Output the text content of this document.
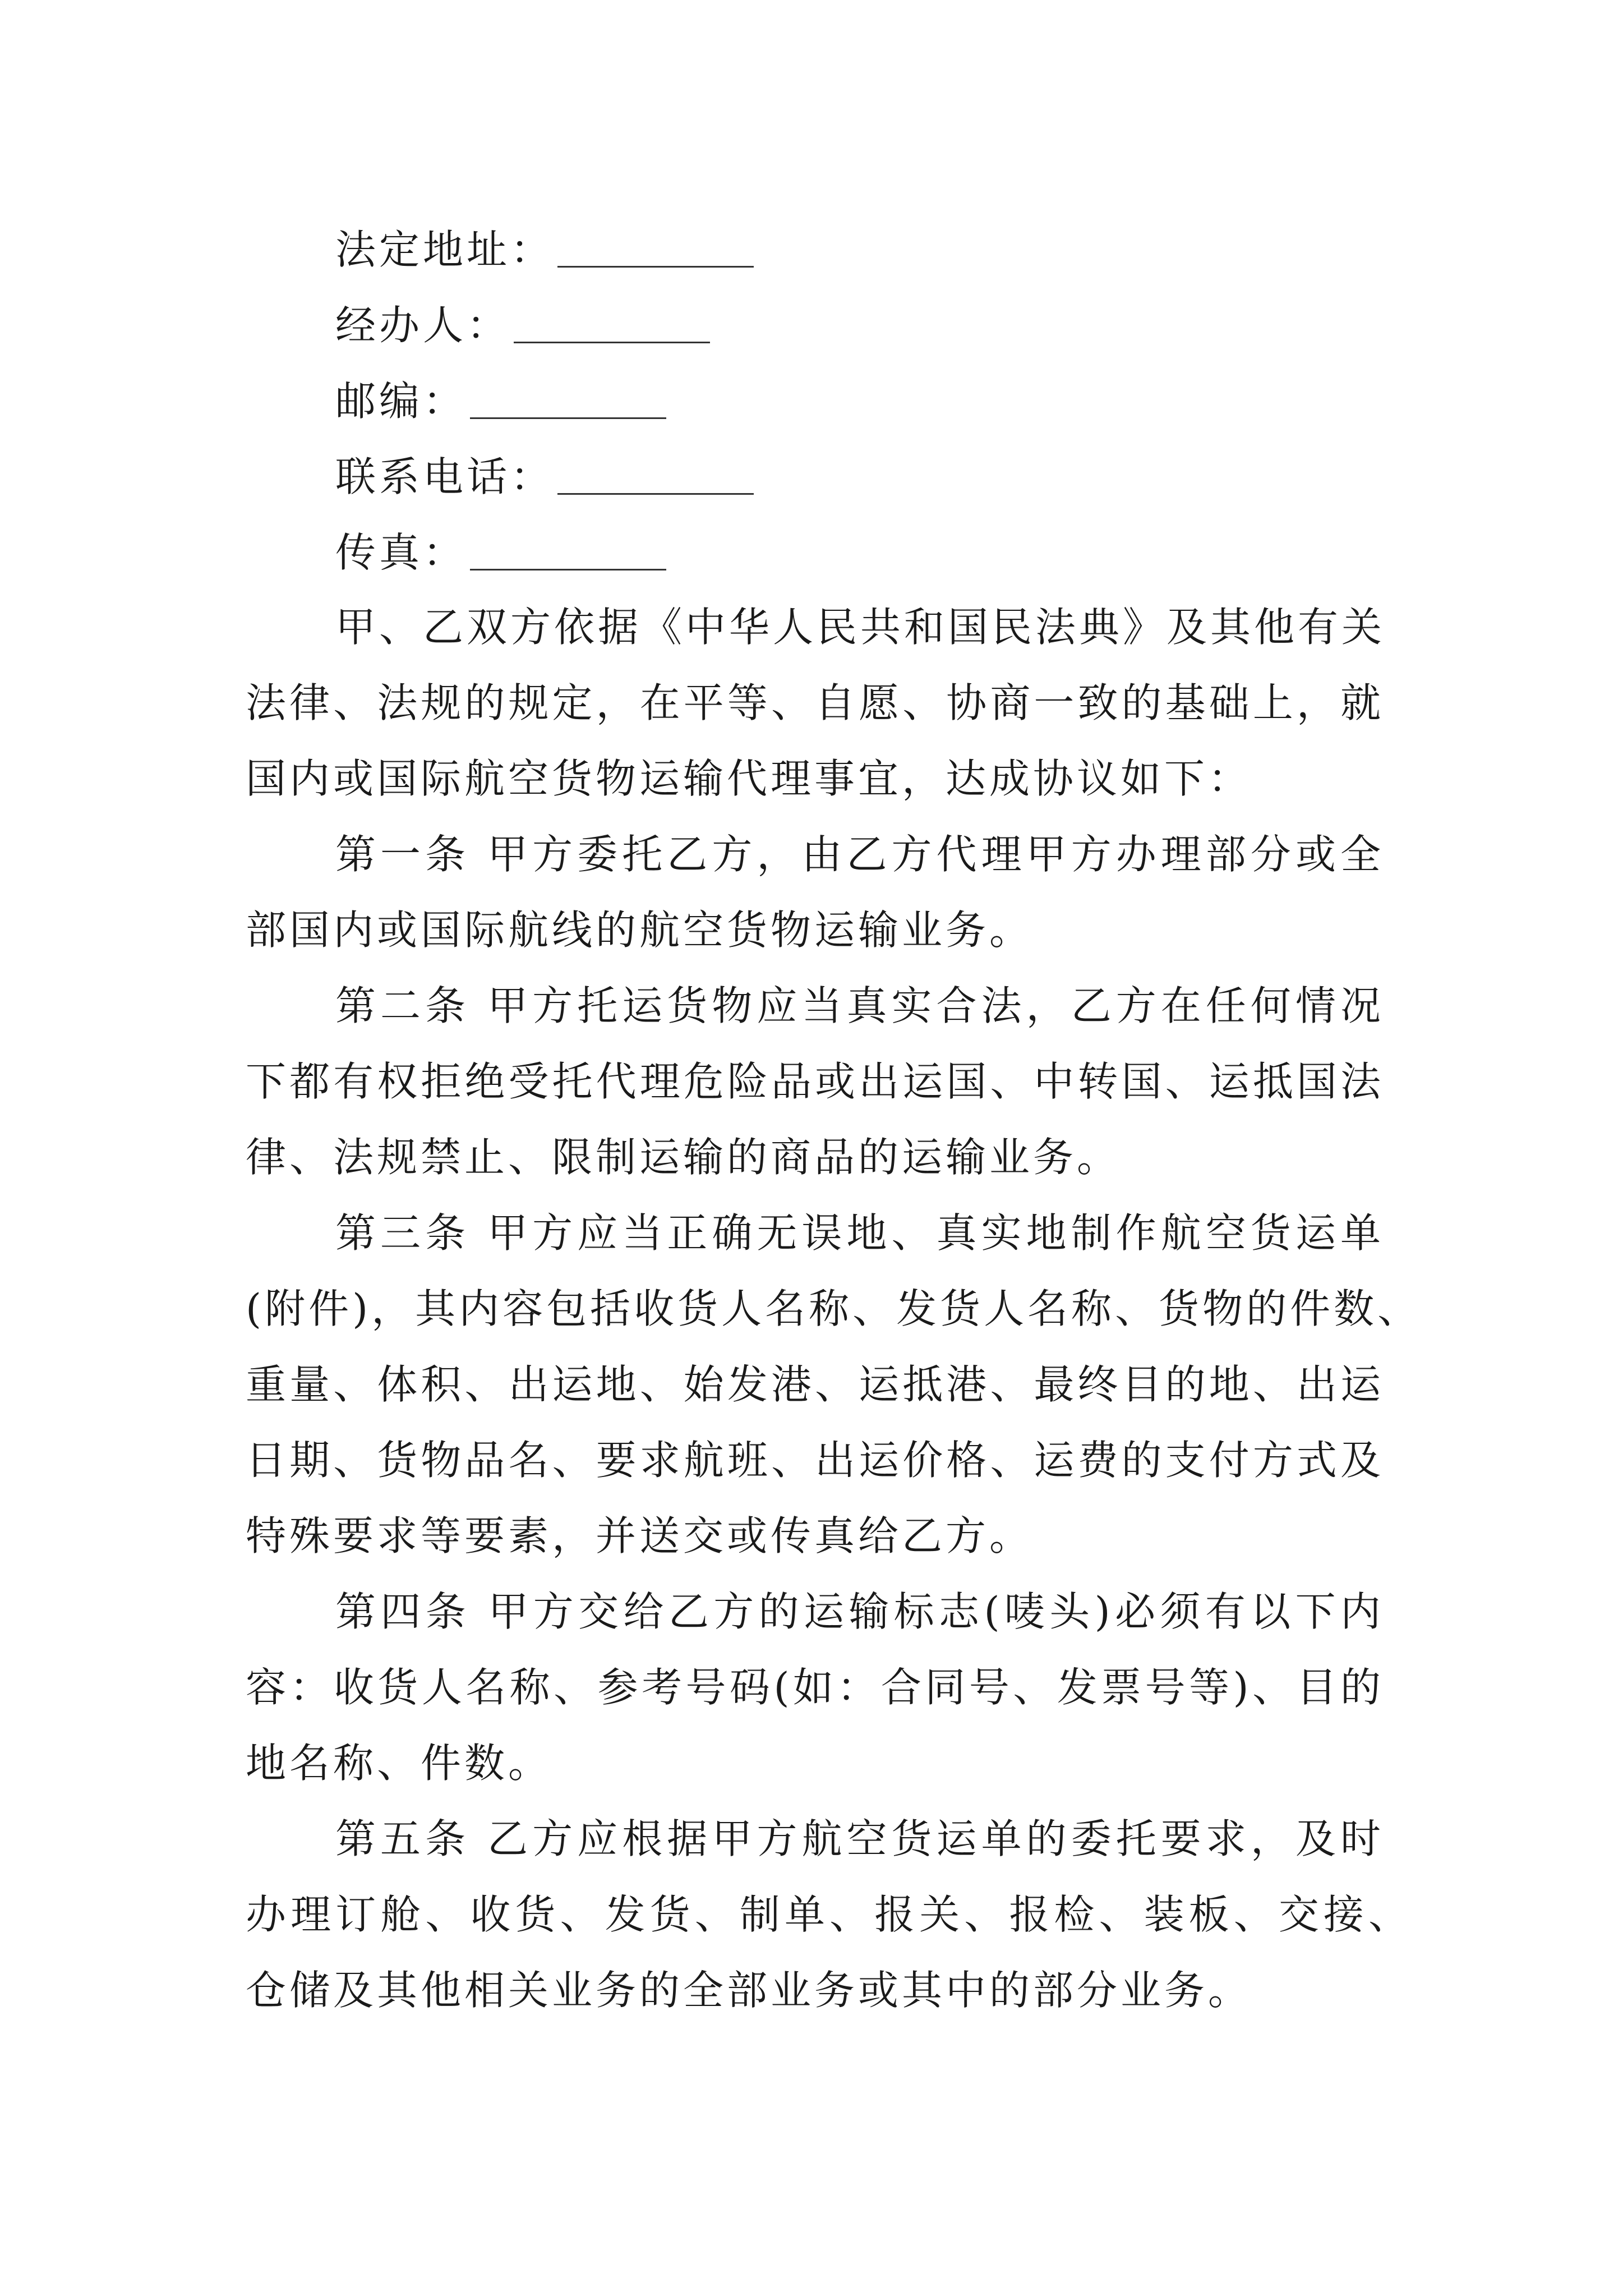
法定地址：
经办人：
邮编：
联系电话：
传真：
甲、乙双方依据《中华人民共和国民法典》及其他有关
法律、法规的规定，在平等、自愿、协商一致的基础上，就
国内或国际航空货物运输代理事宜，达成协议如下：
第一条 甲方委托乙方，由乙方代理甲方办理部分或全
部国内或国际航线的航空货物运输业务。
第二条 甲方托运货物应当真实合法，乙方在任何情况
下都有权拒绝受托代理危险品或出运国、中转国、运抵国法
律、法规禁止、限制运输的商品的运输业务。
第三条 甲方应当正确无误地、真实地制作航空货运单
(附件)，其内容包括收货人名称、发货人名称、货物的件数、
重量、体积、出运地、始发港、运抵港、最终目的地、出运
日期、货物品名、要求航班、出运价格、运费的支付方式及
特殊要求等要素，并送交或传真给乙方。
第四条 甲方交给乙方的运输标志(唛头)必须有以下内
容：收货人名称、参考号码(如：合同号、发票号等)、目的
地名称、件数。
第五条 乙方应根据甲方航空货运单的委托要求，及时
办理订舱、收货、发货、制单、报关、报检、装板、交接、
仓储及其他相关业务的全部业务或其中的部分业务。
